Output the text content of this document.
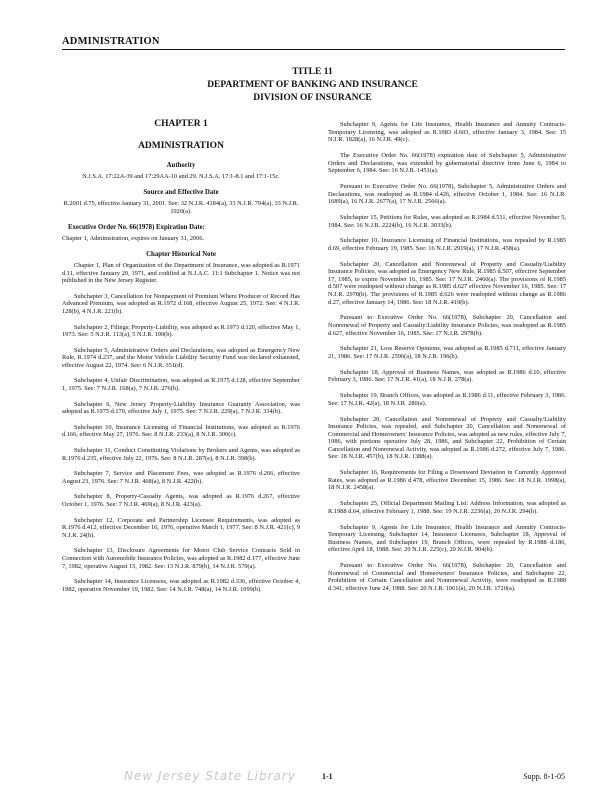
ADMINISTRATION
TITLE 11
DEPARTMENT OF BANKING AND INSURANCE
DIVISION OF INSURANCE
CHAPTER 1
ADMINISTRATION
Authority
N.J.S.A. 17:22A-39 and 17:29AA-10 and 29. N.J.S.A. 17:1-8.1 and 17:1-15c.
Source and Effective Date
R.2001 d.75, effective January 31, 2001. See: 32 N.J.R. 4184(a), 33 N.J.R. 794(a), 33 N.J.R. 1920(a).
Executive Order No. 66(1978) Expiration Date:
Chapter 1, Administration, expires on January 31, 2006.
Chapter Historical Note

Chapter 1, Plan of Organization of the Department of Insurance, was adopted as R.1971 d.11, effective January 20, 1971, and codified at N.J.A.C. 11:1 Subchapter 1. Notice was not published in the New Jersey Register.

Subchapter 3, Cancellation for Nonpayment of Premium Where Producer of Record Has Advanced Premium, was adopted as R.1972 d.168, effective August 25, 1972. See: 4 N.J.R. 128(b), 4 N.J.R. 221(b).

Subchapter 2, Filings; Property-Liability, was adopted as R.1973 d.120, effective May 1, 1973. See: 5 N.J.R. 113(a), 5 N.J.R. 190(b).

Subchapter 5, Administrative Orders and Declarations, was adopted as Emergency New Rule, R.1974 d.237, and the Motor Vehicle Liability Security Fund was declared exhausted, effective August 22, 1974. See: 6 N.J.R. 351(d).

Subchapter 4, Unfair Discrimination, was adopted as R.1975 d.128, effective September 1, 1975. See: 7 N.J.R. 168(a), 7 N.J.R. 276(b).

Subchapter 6, New Jersey Property-Liability Insurance Guaranty Association, was adopted as R.1975 d.170, effective July 1, 1975. See: 7 N.J.R. 229(a), 7 N.J.R. 334(b).

Subchapter 10, Insurance Licensing of Financial Institutions, was adopted as R.1976 d.166, effective May 27, 1976. See: 8 N.J.R. 233(a), 8 N.J.R. 300(c).

Subchapter 11, Conduct Constituting Violations by Brokers and Agents, was adopted as R.1976 d.235, effective July 22, 1976. See: 8 N.J.R. 287(e), 8 N.J.R. 398(b).

Subchapter 7, Service and Placement Fees, was adopted as R.1976 d.266, effective August 23, 1976. See: 7 N.J.R. 468(a), 8 N.J.R. 422(b).

Subchapter 8, Property-Casualty Agents, was adopted as R.1976 d.267, effective October 1, 1976. See: 7 N.J.R. 469(a), 8 N.J.R. 423(a).

Subchapter 12, Corporate and Partnership Licensee Requirements, was adopted as R.1976 d.412, effective December 16, 1976, operative March 1, 1977. See: 8 N.J.R. 421(c), 9 N.J.R. 24(b).

Subchapter 13, Disclosure Agreements for Motor Club Service Contracts Sold in Connection with Automobile Insurance Policies, was adopted as R.1982 d.177, effective June 7, 1982, operative August 15, 1982. See: 13 N.J.R. 879(b), 14 N.J.R. 579(a).

Subchapter 14, Insurance Licensees, was adopted as R.1982 d.336, effective October 4, 1982, operative November 19, 1982. See: 14 N.J.R. 748(a), 14 N.J.R. 1099(b).

Subchapter 9, Agents for Life Insurance, Health Insurance and Annuity Contracts-Temporary Licensing, was adopted as R.1983 d.603, effective January 3, 1984. See: 15 N.J.R. 1828(a), 16 N.J.R. 49(c).

The Executive Order No. 66(1978) expiration date of Subchapter 5, Administrative Orders and Declarations, was extended by gubernatorial directive from June 6, 1984 to September 6, 1984. See: 16 N.J.R. 1451(a).

Pursuant to Executive Order No. 66(1978), Subchapter 5, Administrative Orders and Declarations, was readopted as R.1984 d.426, effective October 1, 1984. See: 16 N.J.R. 1689(a), 16 N.J.R. 2677(a), 17 N.J.R. 2566(a).

Subchapter 15, Petitions for Rules, was adopted as R.1984 d.511, effective November 5, 1984. See: 16 N.J.R. 2224(b), 16 N.J.R. 3033(b).

Subchapter 10, Insurance Licensing of Financial Institutions, was repealed by R.1985 d.69, effective February 19, 1985. See: 16 N.J.R. 2919(a), 17 N.J.R. 458(a).

Subchapter 20, Cancellation and Nonrenewal of Property and Casualty/Liability Insurance Policies, was adopted as Emergency New Rule, R.1985 d.507, effective September 17, 1985, to expire November 16, 1985. See: 17 N.J.R. 2460(a). The provisions of R.1985 d.507 were readopted without change as R.1985 d.627 effective November 16, 1985. See: 17 N.J.R. 2978(b). The provisions of R.1985 d.626 were readopted without change as R.1986 d.27, effective January 14, 1986. See: 18 N.J.R. 419(b).

Pursuant to Executive Order No. 66(1978), Subchapter 20, Cancellation and Nonrenewal of Property and Casualty/Liability Insurance Policies, was readopted as R.1985 d.627, effective November 16, 1985. See: 17 N.J.R. 2978(b).

Subchapter 21, Loss Reserve Opinions, was adopted as R.1985 d.711, effective January 21, 1986. See: 17 N.J.R. 2596(a), 18 N.J.R. 196(b).

Subchapter 18, Approval of Business Names, was adopted as R.1986 d.10, effective February 3, 1986. See: 17 N.J.R. 41(a), 18 N.J.R. 278(a).

Subchapter 19, Branch Offices, was adopted as R.1986 d.11, effective February 3, 1986. See: 17 N.J.R. 42(a), 18 N.J.R. 280(a).

Subchapter 20, Cancellation and Nonrenewal of Property and Casualty/Liability Insurance Policies, was repealed, and Subchapter 20, Cancellation and Nonrenewal of Commercial and Homeowners' Insurance Policies, was adopted as new rules, effective July 7, 1986, with portions operative July 28, 1986, and Subchapter 22, Prohibition of Certain Cancellation and Nonrenewal Activity, was adopted as R.1986 d.272, effective July 7, 1986. See: 18 N.J.R. 457(b), 18 N.J.R. 1388(a).

Subchapter 16, Requirements for Filing a Downward Deviation in Currently Approved Rates, was adopted as R.1986 d.478, effective December 15, 1986. See: 18 N.J.R. 1998(a), 18 N.J.R. 2458(a).

Subchapter 25, Official Department Mailing List: Address Information, was adopted as R.1988 d.64, effective February 1, 1988. See: 19 N.J.R. 2236(a), 20 N.J.R. 294(b).

Subchapter 9, Agents for Life Insurance, Health Insurance and Annuity Contracts-Temporary Licensing, Subchapter 14, Insurance Licensees, Subchapter 18, Approval of Business Names, and Subchapter 19, Branch Offices, were repealed by R.1988 d.186, effective April 18, 1988. See: 20 N.J.R. 225(c), 20 N.J.R. 904(b).

Pursuant to Executive Order No. 66(1978), Subchapter 20, Cancellation and Nonrenewal of Commercial and Homeowners' Insurance Policies, and Subchapter 22, Prohibition of Certain Cancellation and Nonrenewal Activity, were readopted as R.1988 d.341, effective June 24, 1988. See: 20 N.J.R. 1061(a), 20 N.J.R. 1720(a).

New Jersey State Library	1-1	Supp. 8-1-05
